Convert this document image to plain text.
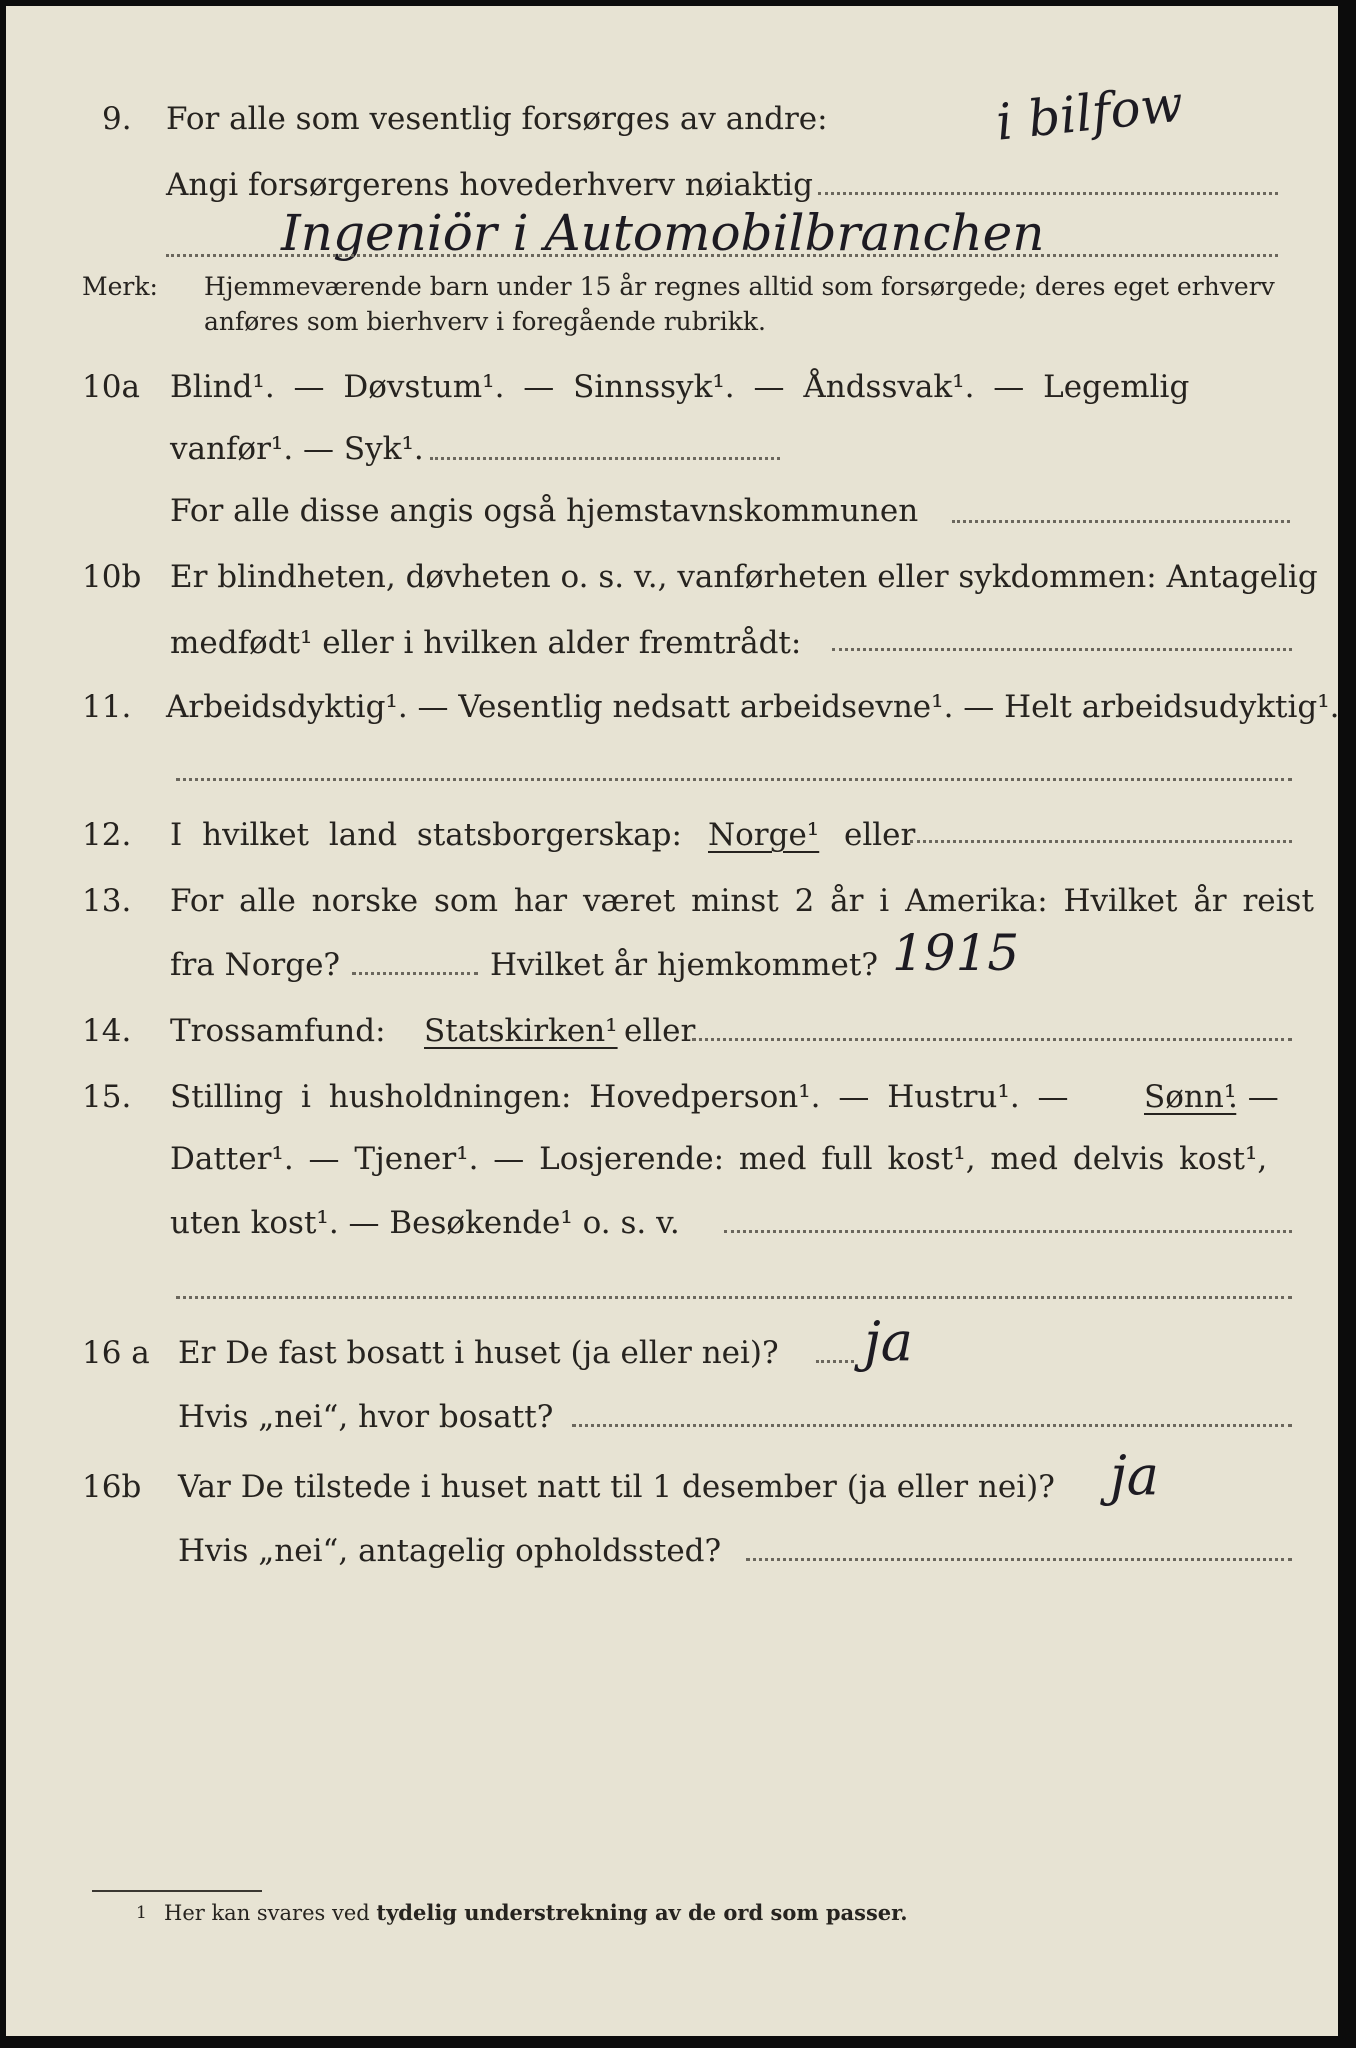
9. For alle som vesentlig forsørges av andre:	i bilfow
Angi forsørgerens hovederhverv nøiaktig
Ingeniör i Automobilbranchen
Merk: Hjemmeværende barn under 15 år regnes alltid som forsørgede; deres eget erhverv
anføres som bierhverv i foregående rubrikk.
10a Blind¹. — Døvstum¹. — Sinnssyk¹. — Åndssvak¹. — Legemlig
vanfør¹. — Syk¹.
For alle disse angis også hjemstavnskommunen
10b Er blindheten, døvheten o. s. v., vanførheten eller sykdommen: Antagelig
medfødt¹ eller i hvilken alder fremtrådt:
11. Arbeidsdyktig¹. — Vesentlig nedsatt arbeidsevne¹. — Helt arbeidsudyktig¹.
12. I hvilket land statsborgerskap: Norge¹ eller
13. For alle norske som har været minst 2 år i Amerika: Hvilket år reist
fra Norge?	Hvilket år hjemkommet? 1915
14. Trossamfund: Statskirken¹ eller
15. Stilling i husholdningen: Hovedperson¹. — Hustru¹. — Sønn¹
. —
Datter¹. — Tjener¹. — Losjerende: med full kost¹, med delvis kost¹,
uten kost¹. — Besøkende¹ o. s. v.
16 a Er De fast bosatt i huset (ja eller nei)? ja
Hvis „nei“, hvor bosatt?
16b Var De tilstede i huset natt til 1 desember (ja eller nei)? ja
Hvis „nei“, antagelig opholdssted?
1 Her kan svares ved tydelig understrekning av de ord som passer.
